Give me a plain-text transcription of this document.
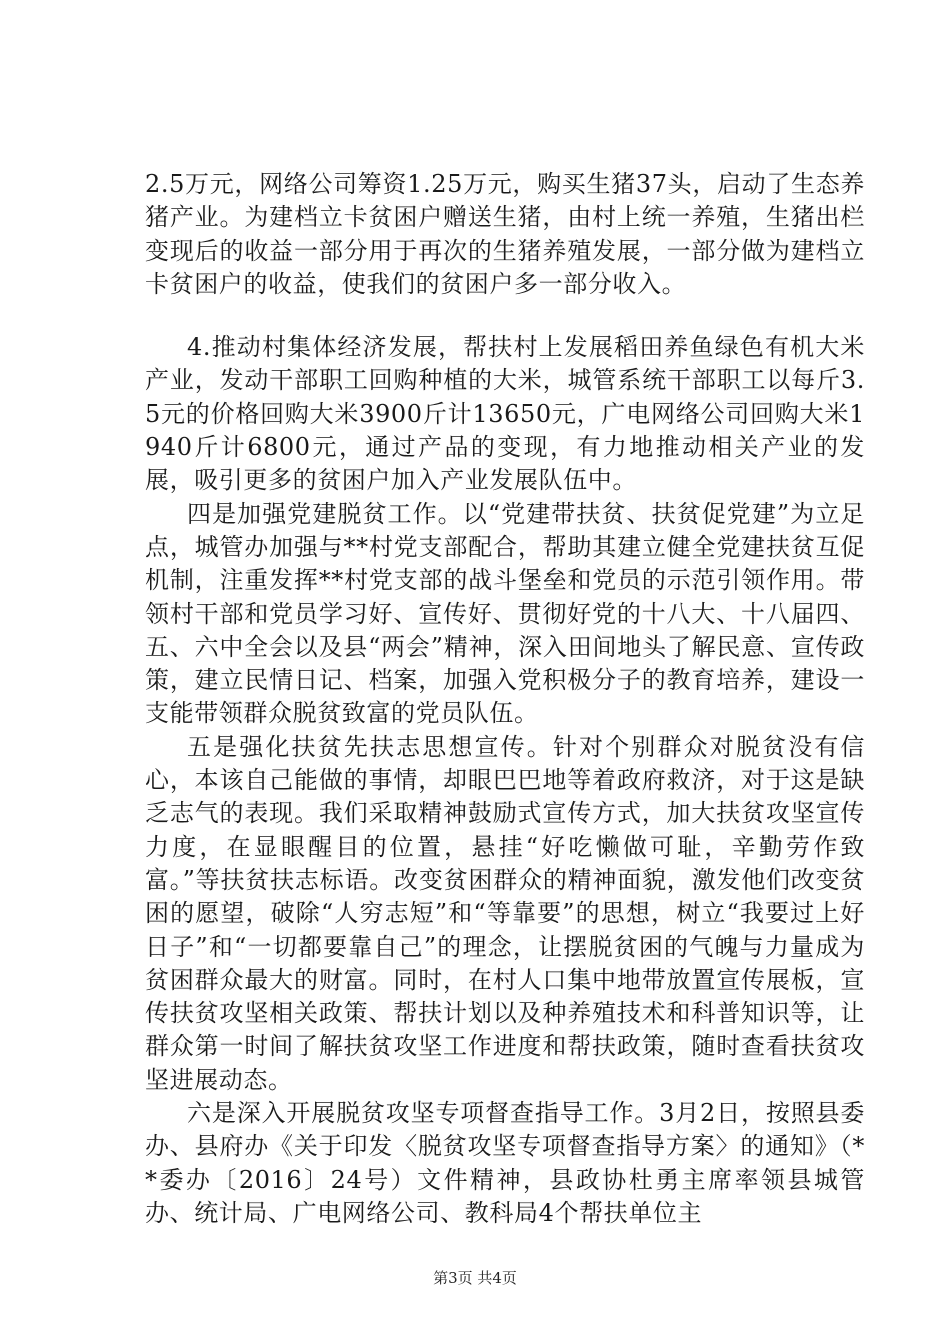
2.5万元，网络公司筹资1.25万元，购买生猪37头，启动了生态养猪产业。为建档立卡贫困户赠送生猪，由村上统一养殖，生猪出栏变现后的收益一部分用于再次的生猪养殖发展，一部分做为建档立卡贫困户的收益，使我们的贫困户多一部分收入。

4.推动村集体经济发展，帮扶村上发展稻田养鱼绿色有机大米产业，发动干部职工回购种植的大米，城管系统干部职工以每斤3.5元的价格回购大米3900斤计13650元，广电网络公司回购大米1940斤计6800元，通过产品的变现，有力地推动相关产业的发展，吸引更多的贫困户加入产业发展队伍中。

四是加强党建脱贫工作。以“党建带扶贫、扶贫促党建”为立足点，城管办加强与**村党支部配合，帮助其建立健全党建扶贫互促机制，注重发挥**村党支部的战斗堡垒和党员的示范引领作用。带领村干部和党员学习好、宣传好、贯彻好党的十八大、十八届四、五、六中全会以及县“两会”精神，深入田间地头了解民意、宣传政策，建立民情日记、档案，加强入党积极分子的教育培养，建设一支能带领群众脱贫致富的党员队伍。

五是强化扶贫先扶志思想宣传。针对个别群众对脱贫没有信心，本该自己能做的事情，却眼巴巴地等着政府救济，对于这是缺乏志气的表现。我们采取精神鼓励式宣传方式，加大扶贫攻坚宣传力度，在显眼醒目的位置，悬挂“好吃懒做可耻，辛勤劳作致富。”等扶贫扶志标语。改变贫困群众的精神面貌，激发他们改变贫困的愿望，破除“人穷志短”和“等靠要”的思想，树立“我要过上好日子”和“一切都要靠自己”的理念，让摆脱贫困的气魄与力量成为贫困群众最大的财富。同时，在村人口集中地带放置宣传展板，宣传扶贫攻坚相关政策、帮扶计划以及种养殖技术和科普知识等，让群众第一时间了解扶贫攻坚工作进度和帮扶政策，随时查看扶贫攻坚进展动态。

六是深入开展脱贫攻坚专项督查指导工作。3月2日，按照县委办、县府办《关于印发〈脱贫攻坚专项督查指导方案〉的通知》（**委办〔2016〕24号）文件精神，县政协杜勇主席率领县城管办、统计局、广电网络公司、教科局4个帮扶单位主

第3页 共4页
